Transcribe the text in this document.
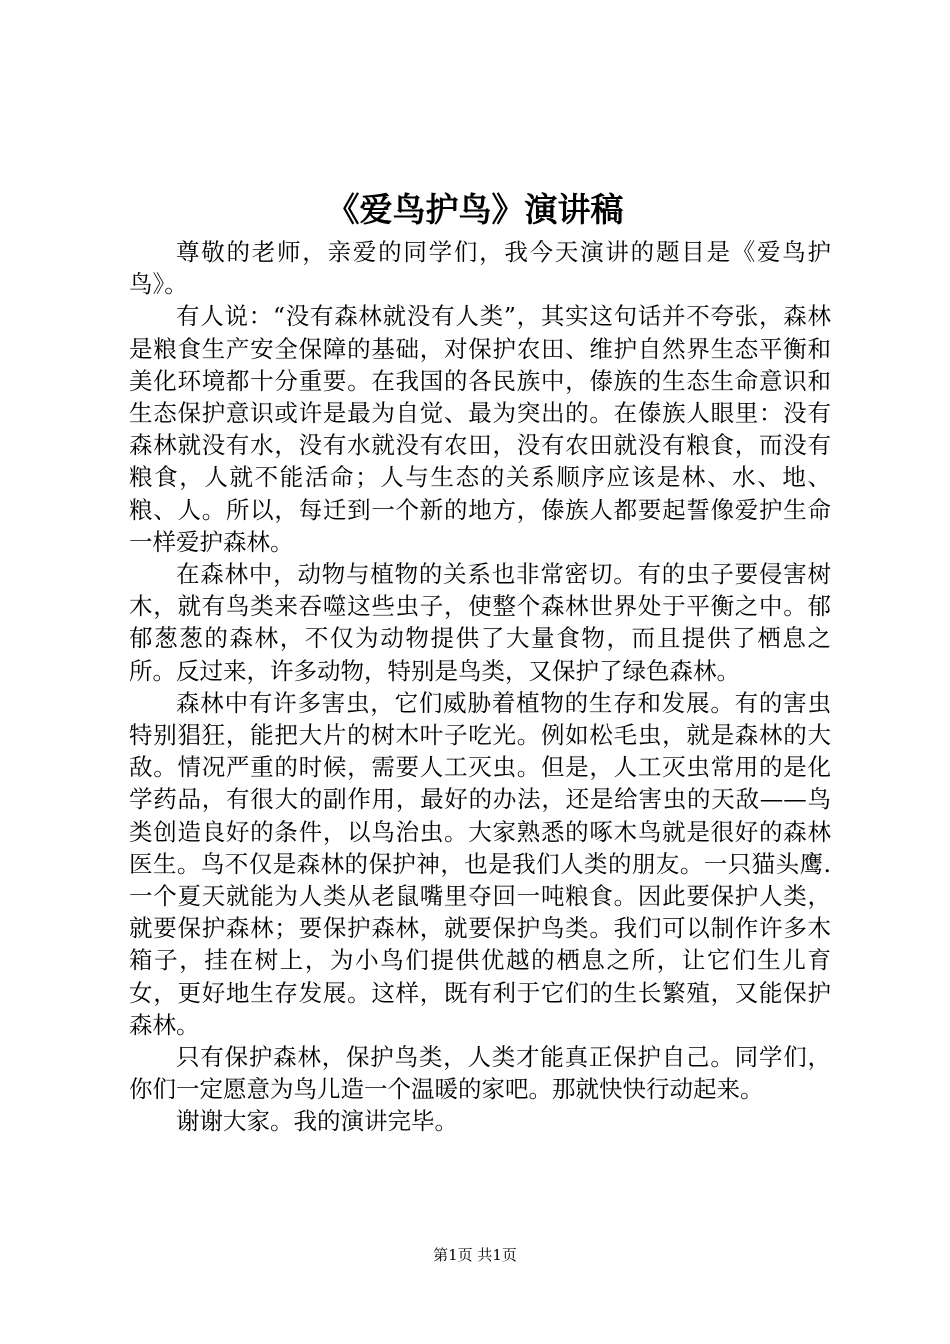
《爱鸟护鸟》演讲稿

尊敬的老师，亲爱的同学们，我今天演讲的题目是《爱鸟护鸟》。

有人说：“没有森林就没有人类”，其实这句话并不夸张，森林是粮食生产安全保障的基础，对保护农田、维护自然界生态平衡和美化环境都十分重要。在我国的各民族中，傣族的生态生命意识和生态保护意识或许是最为自觉、最为突出的。在傣族人眼里：没有森林就没有水，没有水就没有农田，没有农田就没有粮食，而没有粮食，人就不能活命；人与生态的关系顺序应该是林、水、地、粮、人。所以，每迁到一个新的地方，傣族人都要起誓像爱护生命一样爱护森林。

在森林中，动物与植物的关系也非常密切。有的虫子要侵害树木，就有鸟类来吞噬这些虫子，使整个森林世界处于平衡之中。郁郁葱葱的森林，不仅为动物提供了大量食物，而且提供了栖息之所。反过来，许多动物，特别是鸟类，又保护了绿色森林。

森林中有许多害虫，它们威胁着植物的生存和发展。有的害虫特别猖狂，能把大片的树木叶子吃光。例如松毛虫，就是森林的大敌。情况严重的时候，需要人工灭虫。但是，人工灭虫常用的是化学药品，有很大的副作用，最好的办法，还是给害虫的天敌——鸟类创造良好的条件，以鸟治虫。大家熟悉的啄木鸟就是很好的森林医生。鸟不仅是森林的保护神，也是我们人类的朋友。一只猫头鹰.一个夏天就能为人类从老鼠嘴里夺回一吨粮食。因此要保护人类，就要保护森林；要保护森林，就要保护鸟类。我们可以制作许多木箱子，挂在树上，为小鸟们提供优越的栖息之所，让它们生儿育女，更好地生存发展。这样，既有利于它们的生长繁殖，又能保护森林。

只有保护森林，保护鸟类，人类才能真正保护自己。同学们，你们一定愿意为鸟儿造一个温暖的家吧。那就快快行动起来。

谢谢大家。我的演讲完毕。

第1页 共1页
